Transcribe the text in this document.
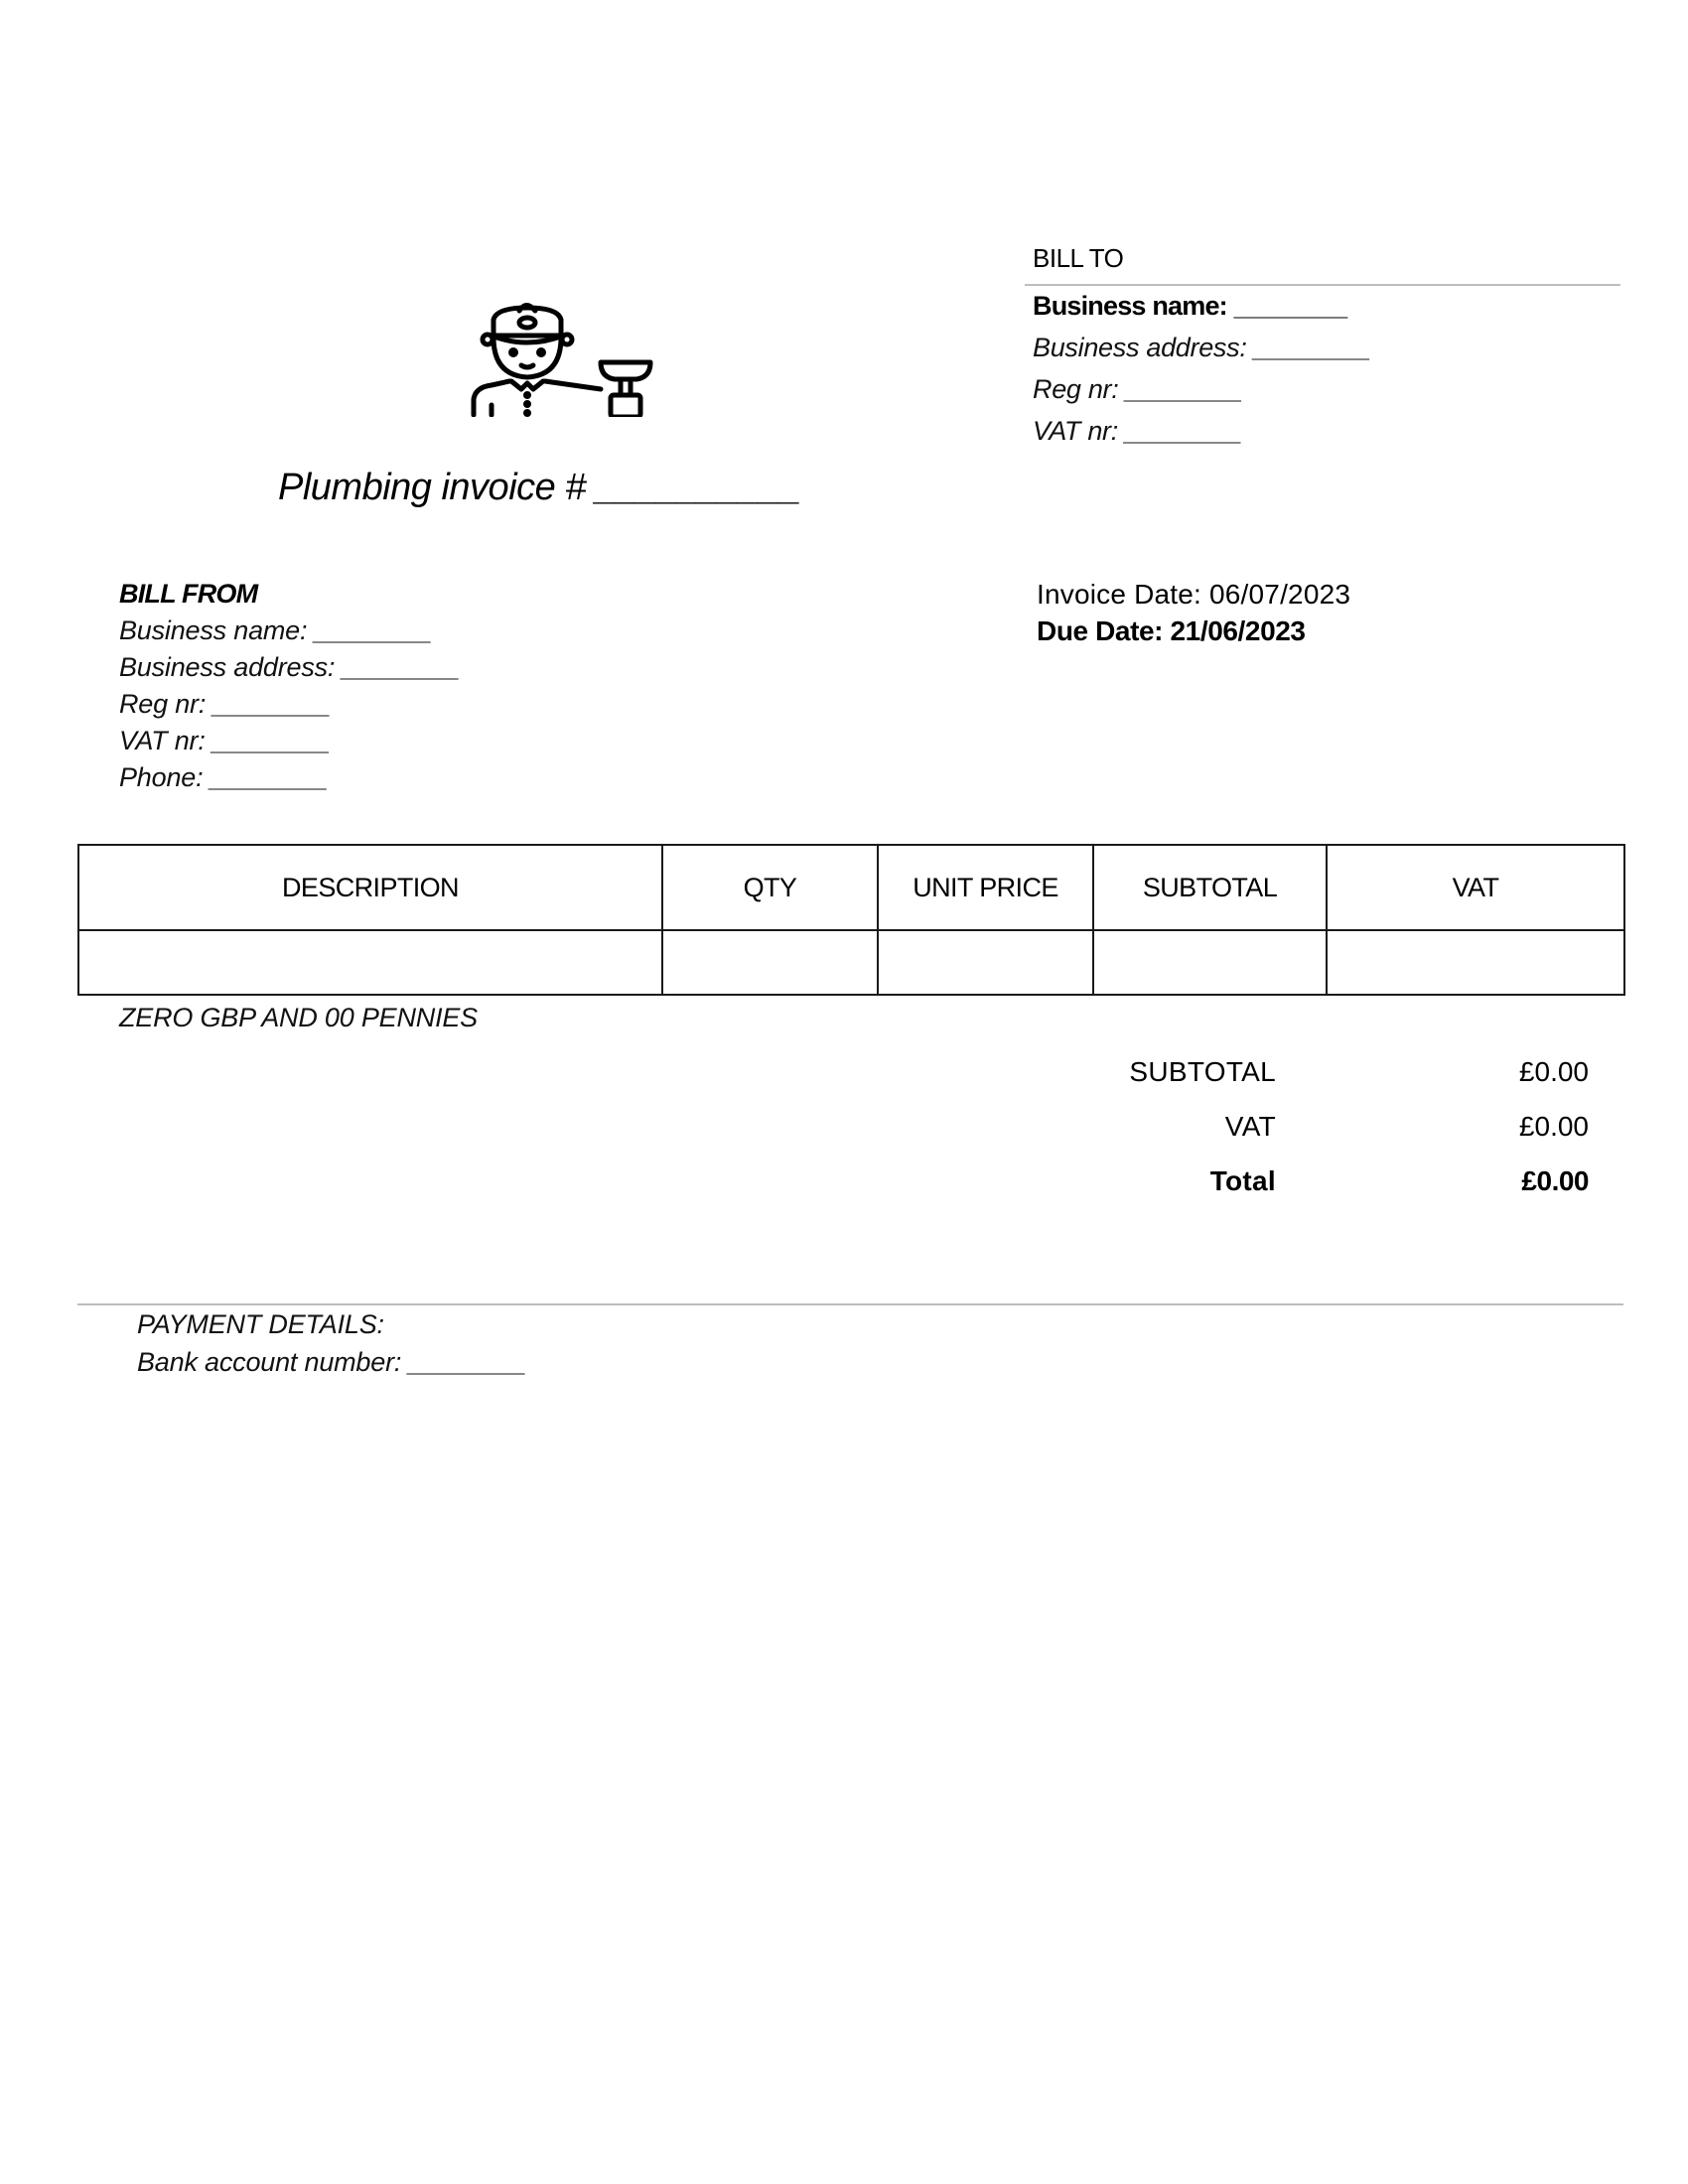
Plumbing invoice # __________
BILL TO
Business name: ________
Business address: ________
Reg nr: ________
VAT nr: ________
BILL FROM
Business name: ________
Business address: ________
Reg nr: ________
VAT nr: ________
Phone: ________
Invoice Date: 06/07/2023
Due Date: 21/06/2023
DESCRIPTION	QTY	UNIT PRICE	SUBTOTAL	VAT

ZERO GBP AND 00 PENNIES
SUBTOTAL	£0.00
VAT	£0.00
Total	£0.00
PAYMENT DETAILS:
Bank account number: ________
